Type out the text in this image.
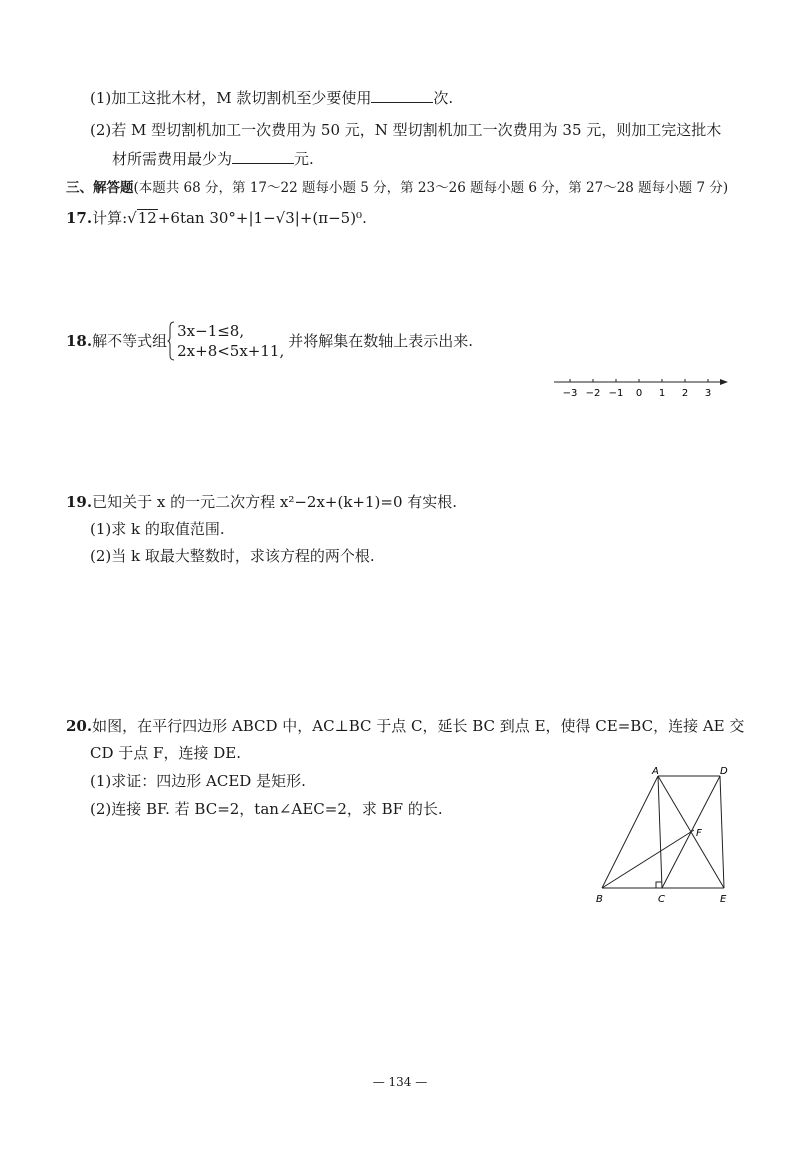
(1)加工这批木材，M 款切割机至少要使用	次.
(2)若 M 型切割机加工一次费用为 50 元，N 型切割机加工一次费用为 35 元，则加工完这批木
材所需费用最少为	元.
三、解答题(本题共 68 分，第 17～22 题每小题 5 分，第 23～26 题每小题 6 分，第 27～28 题每小题 7 分)
17.计算:√12+6tan 30°+|1−√3|+(π−5)⁰.
18. 解不等式组
3x−1≤8,
2x+8<5x+11,
并将解集在数轴上表示出来.
−3 −2 −1 0 1 2 3
19.已知关于 x 的一元二次方程 x²−2x+(k+1)=0 有实根.
(1)求 k 的取值范围.
(2)当 k 取最大整数时，求该方程的两个根.
20.如图，在平行四边形 ABCD 中，AC⊥BC 于点 C，延长 BC 到点 E，使得 CE=BC，连接 AE 交
CD 于点 F，连接 DE.
(1)求证：四边形 ACED 是矩形.
(2)连接 BF. 若 BC=2，tan∠AEC=2，求 BF 的长.
A	D
F
B	C	E
— 134 —
